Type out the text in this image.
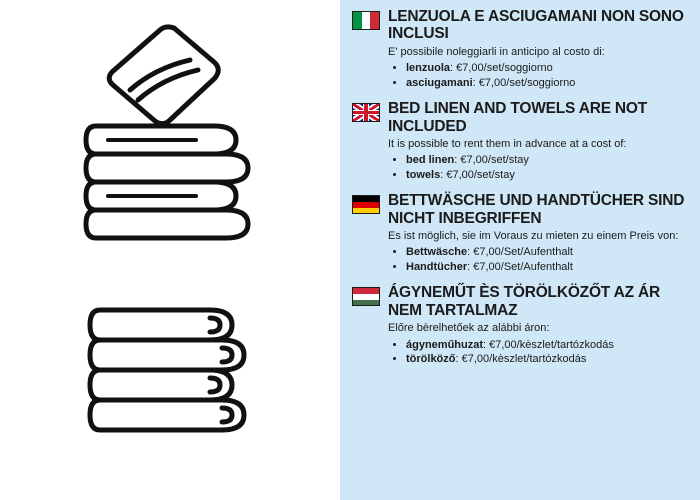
LENZUOLA E ASCIUGAMANI NON SONO INCLUSI

E' possibile noleggiarli in anticipo al costo di:

• lenzuola: €7,00/set/soggiorno
• asciugamani: €7,00/set/soggiorno

BED LINEN AND TOWELS ARE NOT INCLUDED

It is possible to rent them in advance at a cost of:

• bed linen: €7,00/set/stay
• towels: €7,00/set/stay

BETTWÄSCHE UND HANDTÜCHER SIND NICHT INBEGRIFFEN

Es ist möglich, sie im Voraus zu mieten zu einem Preis von:

• Bettwäsche: €7,00/Set/Aufenthalt
• Handtücher: €7,00/Set/Aufenthalt

ÁGYNEMŰT ÈS TÖRÖLKÖZŐT AZ ÁR NEM TARTALMAZ

Előre bèrelhetőek az alábbi áron:

• ágyneműhuzat: €7,00/kèszlet/tartózkodás
• törölköző: €7,00/kèszlet/tartózkodás
